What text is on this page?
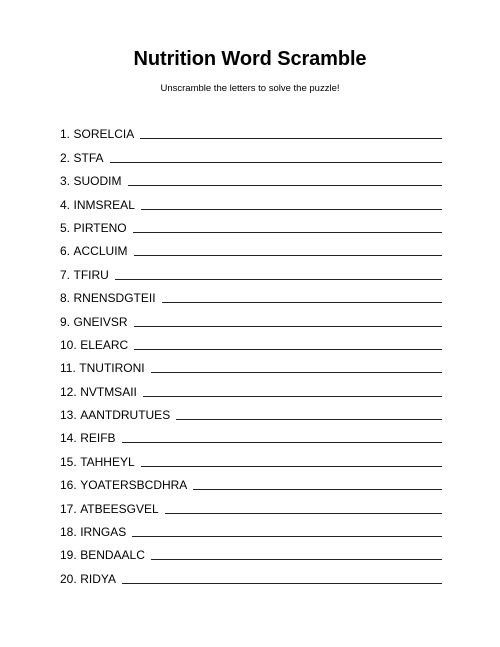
Nutrition Word Scramble
Unscramble the letters to solve the puzzle!
1. SORELCIA
2. STFA
3. SUODIM
4. INMSREAL
5. PIRTENO
6. ACCLUIM
7. TFIRU
8. RNENSDGTEII
9. GNEIVSR
10. ELEARC
11. TNUTIRONI
12. NVTMSAII
13. AANTDRUTUES
14. REIFB
15. TAHHEYL
16. YOATERSBCDHRA
17. ATBEESGVEL
18. IRNGAS
19. BENDAALC
20. RIDYA
